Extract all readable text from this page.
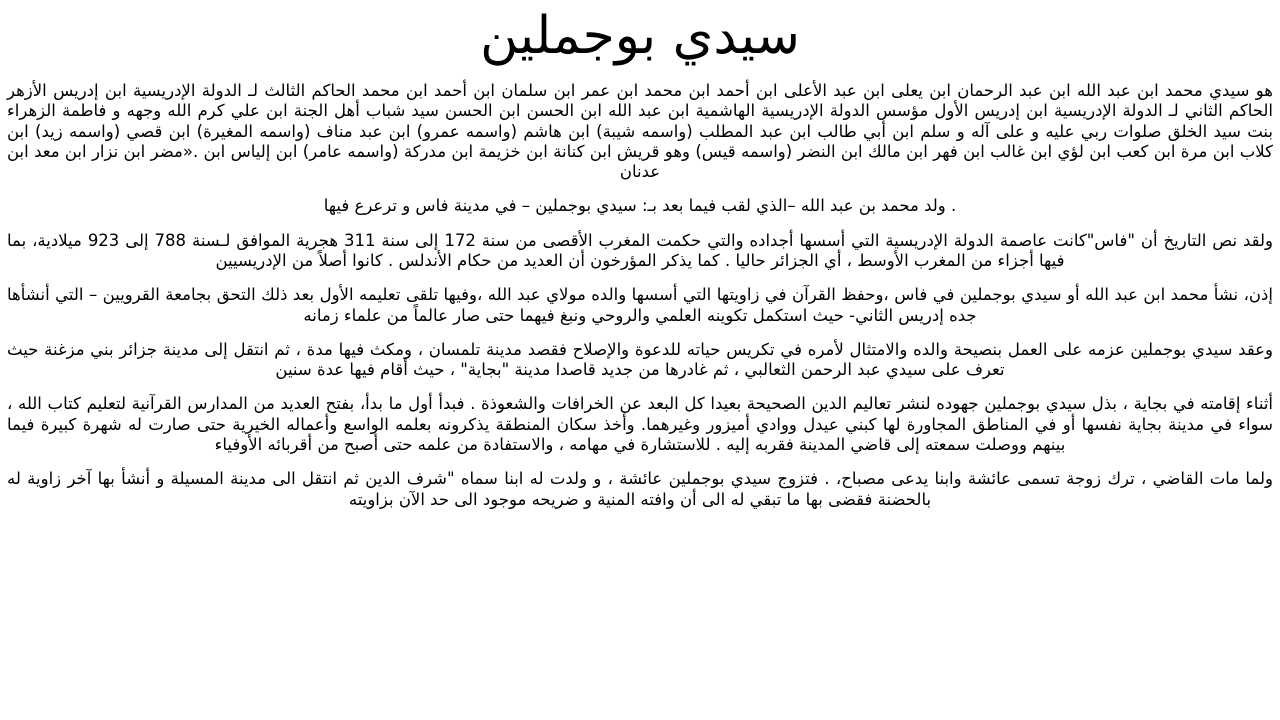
سيدي بوجملين

هو سيدي محمد ابن عبد الله ابن عبد الرحمان ابن يعلى ابن عبد الأعلى ابن أحمد ابن محمد ابن عمر ابن سلمان ابن أحمد ابن محمد الحاكم الثالث لـ الدولة الإدريسية ابن إدريس الأزهر الحاكم الثاني لـ الدولة الإدريسية ابن إدريس الأول مؤسس الدولة الإدريسية الهاشمية ابن عبد الله ابن الحسن ابن الحسن سيد شباب أهل الجنة ابن علي كرم الله وجهه و فاطمة الزهراء بنت سيد الخلق صلوات ربي عليه و على آله و سلم ابن أبي طالب ابن عبد المطلب (واسمه شيبة) ابن هاشم (واسمه عمرو) ابن عبد مناف (واسمه المغيرة) ابن قصي (واسمه زيد) ابن كلاب ابن مرة ابن كعب ابن لؤي ابن غالب ابن فهر ابن مالك ابن النضر (واسمه قيس) وهو قريش ابن كنانة ابن خزيمة ابن مدركة (واسمه عامر) ابن إلياس ابن .«مضر ابن نزار ابن معد ابن عدنان

. ولد محمد بن عبد الله –الذي لقب فيما بعد بـ: سيدي بوجملين – في مدينة فاس و ترعرع فيها

ولقد نص التاريخ أن "فاس"كانت عاصمة الدولة الإدريسية التي أسسها أجداده والتي حكمت المغرب الأقصى من سنة 172 إلى سنة 311 هجرية الموافق لـسنة 788 إلى 923 ميلادية، بما فيها أجزاء من المغرب الأوسط ، أي الجزائر حاليا . كما يذكر المؤرخون أن العديد من حكام الأندلس . كانوا أصلاً من الإدريسيين

إذن، نشأ محمد ابن عبد الله أو سيدي بوجملين في فاس ،وحفظ القرآن في زاويتها التي أسسها والده مولاي عبد الله ،وفيها تلقى تعليمه الأول بعد ذلك التحق بجامعة القرويين – التي أنشأها جده إدريس الثاني- حيث استكمل تكوينه العلمي والروحي ونبغ فيهما حتى صار عالماً من علماء زمانه

وعقد سيدي بوجملين عزمه على العمل بنصيحة والده والامتثال لأمره في تكريس حياته للدعوة والإصلاح فقصد مدينة تلمسان ، ومكث فيها مدة ، ثم انتقل إلى مدينة جزائر بني مزغنة حيث تعرف على سيدي عبد الرحمن الثعالبي ، ثم غادرها من جديد قاصدا مدينة "بجاية" ، حيث أقام فيها عدة سنين

أثناء إقامته في بجاية ، بذل سيدي بوجملين جهوده لنشر تعاليم الدين الصحيحة بعيدا كل البعد عن الخرافات والشعوذة . فبدأ أول ما بدأ، بفتح العديد من المدارس القرآنية لتعليم كتاب الله ، سواء في مدينة بجاية نفسها أو في المناطق المجاورة لها كبني عيدل ووادي أميزور وغيرهما. وأخذ سكان المنطقة يذكرونه بعلمه الواسع وأعماله الخيرية حتى صارت له شهرة كبيرة فيما بينهم ووصلت سمعته إلى قاضي المدينة فقربه إليه . للاستشارة في مهامه ، والاستفادة من علمه حتى أصبح من أقربائه الأوفياء

ولما مات القاضي ، ترك زوجة تسمى عائشة وابنا يدعى مصباح، . فتزوج سيدي بوجملين عائشة ، و ولدت له ابنا سماه "شرف الدين ثم انتقل الى مدينة المسيلة و أنشأ بها آخر زاوية له بالحضنة فقضى بها ما تبقي له الى أن وافته المنية و ضريحه موجود الى حد الآن بزاويته
